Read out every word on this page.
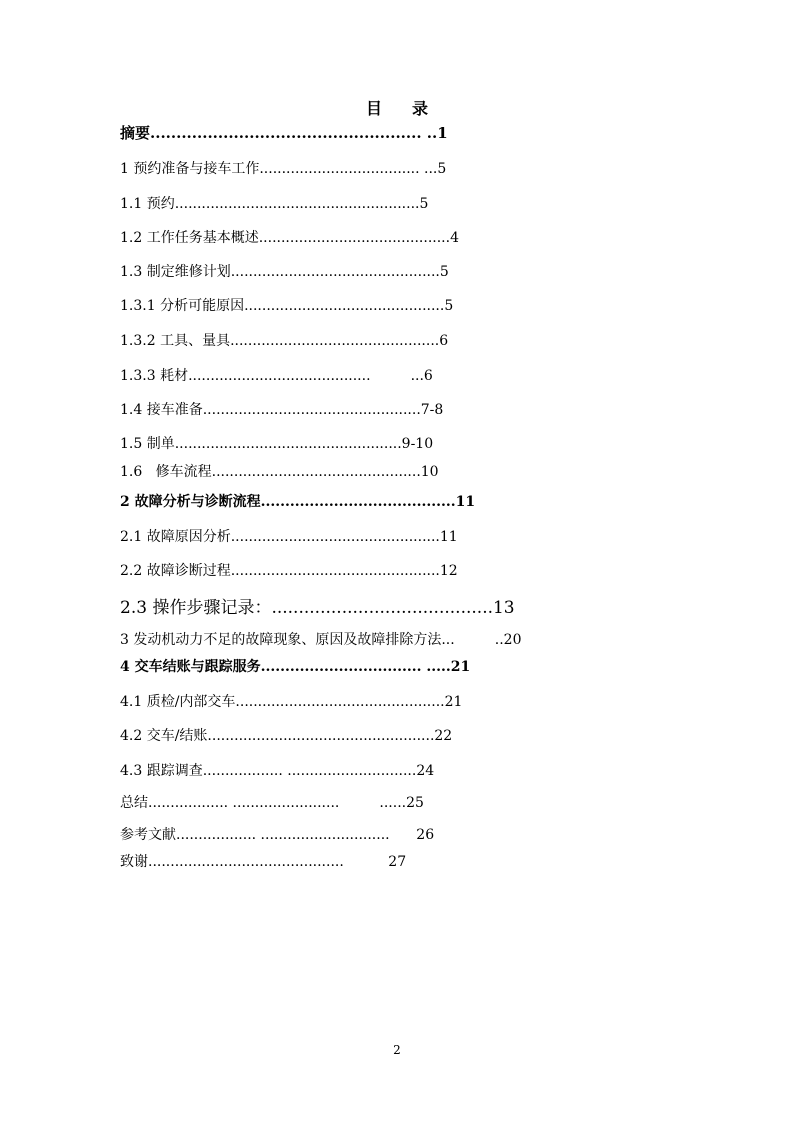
目 录
摘要.................................................... ..1
1 预约准备与接车工作.................................... ...5
1.1 预约.......................................................5
1.2 工作任务基本概述...........................................4
1.3 制定维修计划...............................................5
1.3.1 分析可能原因.............................................5
1.3.2 工具、量具...............................................6
1.3.3 耗材.........................................         ...6
1.4 接车准备.................................................7-8
1.5 制单...................................................9-10
1.6   修车流程...............................................10
2 故障分析与诊断流程........................................11
2.1 故障原因分析...............................................11
2.2 故障诊断过程...............................................12
2.3 操作步骤记录：.........................................13
3 发动机动力不足的故障现象、原因及故障排除方法...         ..20
4 交车结账与跟踪服务................................. .....21
4.1 质检/内部交车...............................................21
4.2 交车/结账...................................................22
4.3 跟踪调查.................. .............................24
总结.................. ........................         ......25
参考文献.................. .............................      26
致谢............................................          27
2
